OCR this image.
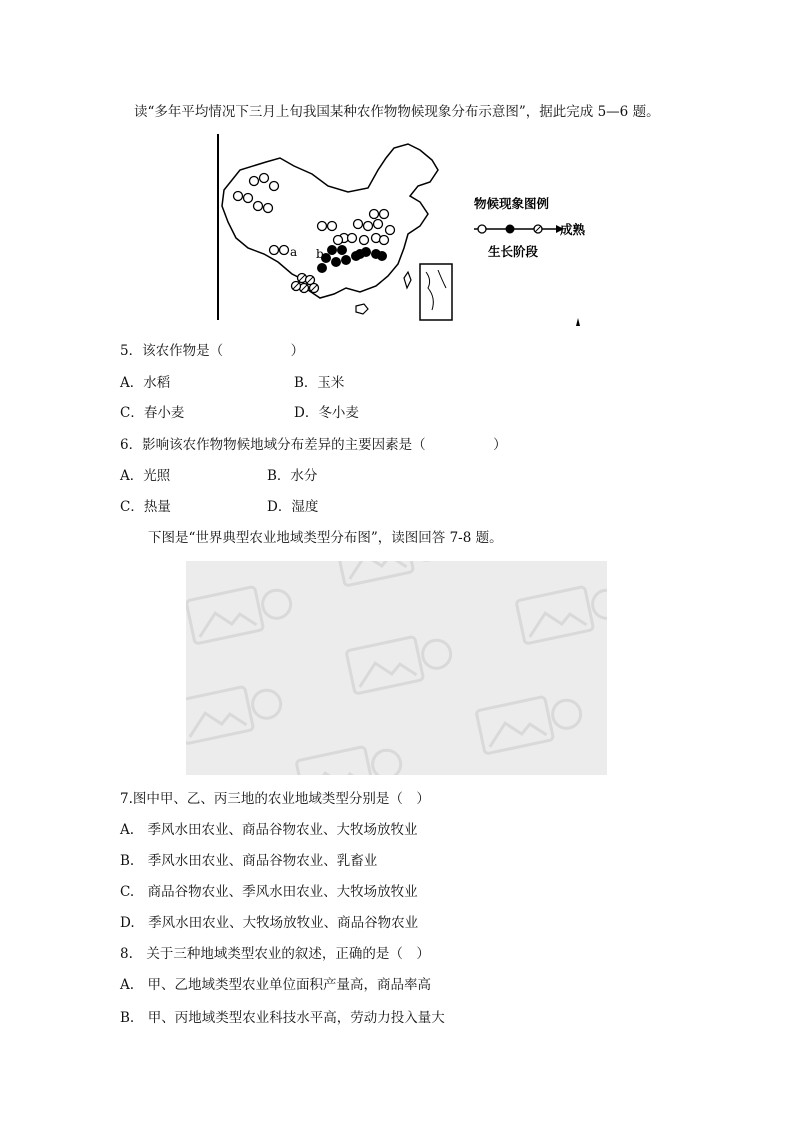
读“多年平均情况下三月上旬我国某种农作物物候现象分布示意图”，据此完成 5—6 题。
a b
物候现象图例
成熟
生长阶段
5．该农作物是（　　　　　）
A．水稻	B．玉米
C．春小麦	D．冬小麦
6．影响该农作物物候地域分布差异的主要因素是（　　　　　）
A．光照	B．水分
C．热量	D．湿度
下图是“世界典型农业地域类型分布图”，读图回答 7-8 题。
7.图中甲、乙、丙三地的农业地域类型分别是（　）
A.　季风水田农业、商品谷物农业、大牧场放牧业
B.　季风水田农业、商品谷物农业、乳畜业
C.　商品谷物农业、季风水田农业、大牧场放牧业
D.　季风水田农业、大牧场放牧业、商品谷物农业
8.　关于三种地域类型农业的叙述，正确的是（　）
A.　甲、乙地域类型农业单位面积产量高，商品率高
B.　甲、丙地域类型农业科技水平高，劳动力投入量大
